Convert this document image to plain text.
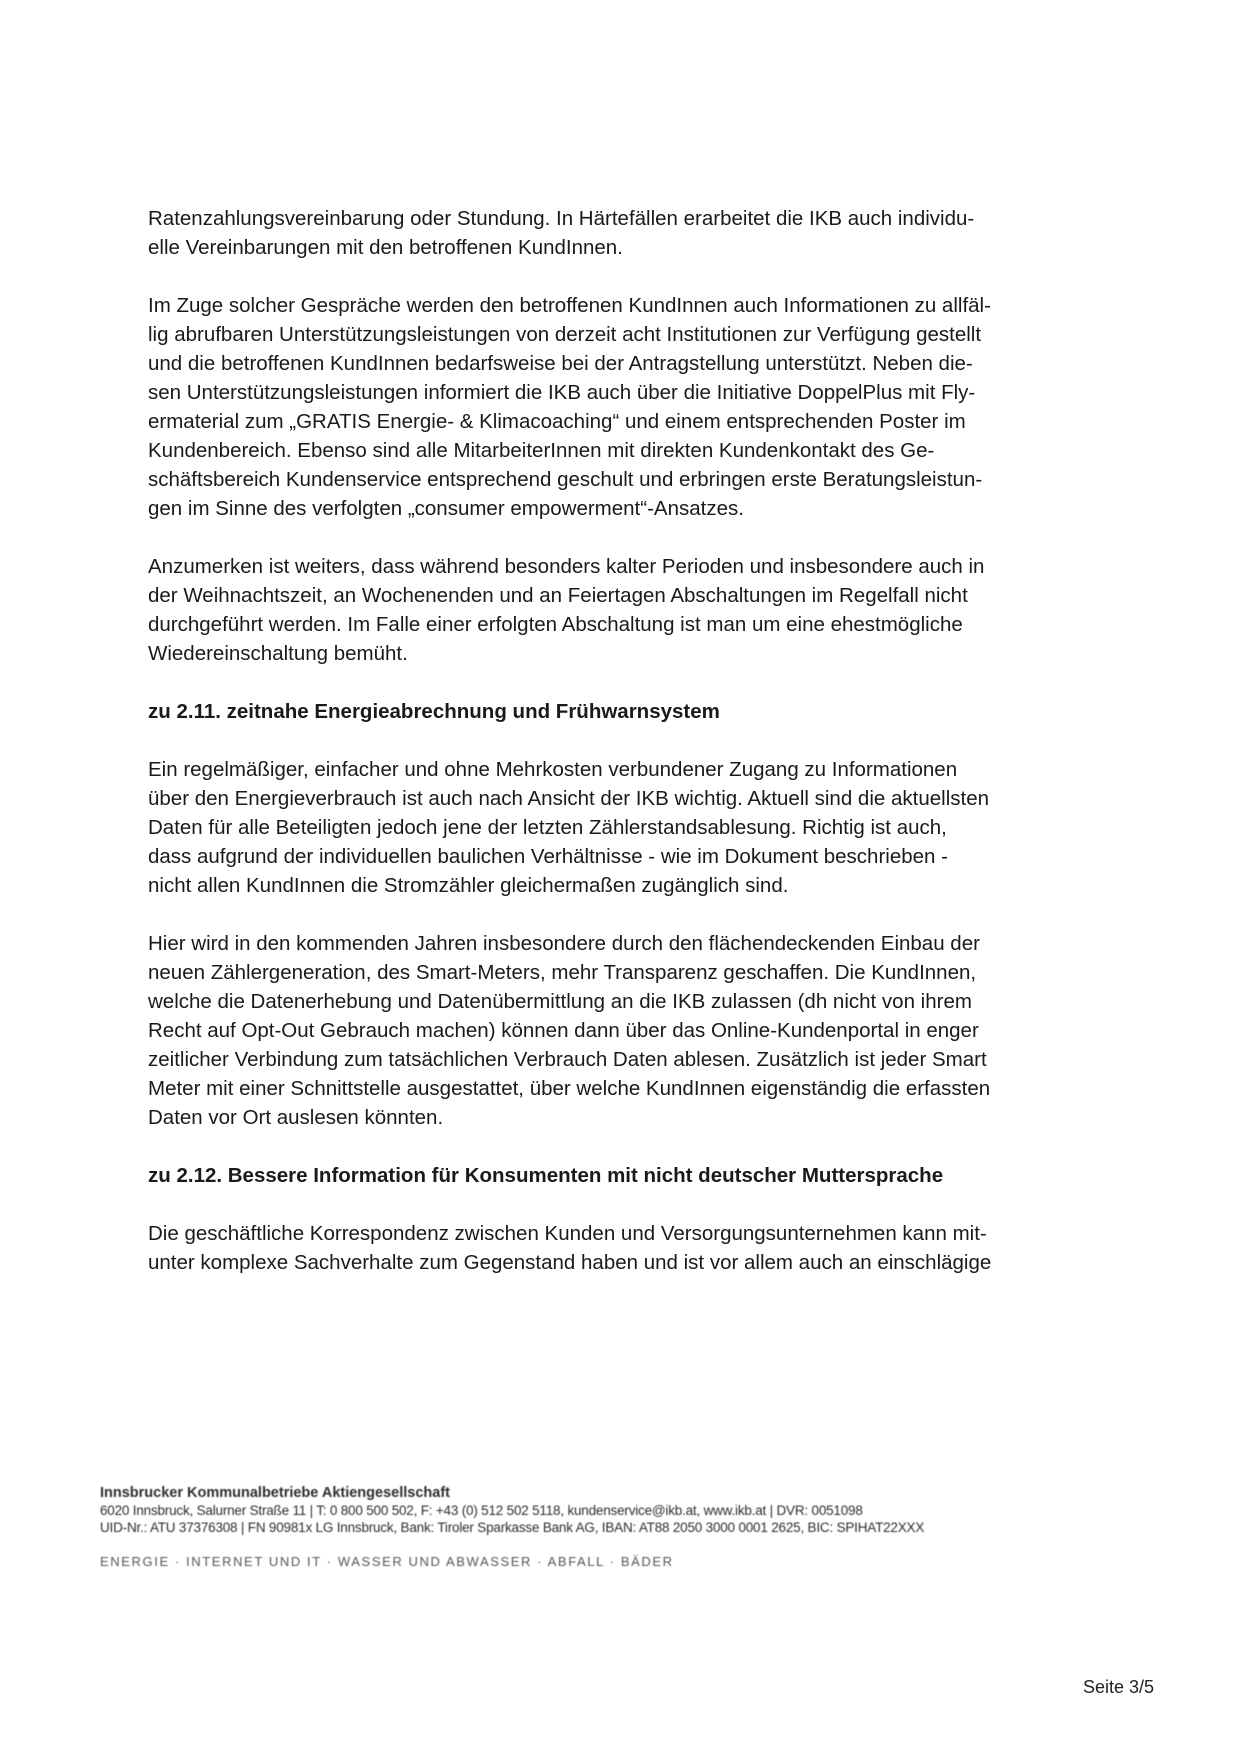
Ratenzahlungsvereinbarung oder Stundung. In Härtefällen erarbeitet die IKB auch individu-
elle Vereinbarungen mit den betroffenen KundInnen.

Im Zuge solcher Gespräche werden den betroffenen KundInnen auch Informationen zu allfäl-
lig abrufbaren Unterstützungsleistungen von derzeit acht Institutionen zur Verfügung gestellt
und die betroffenen KundInnen bedarfsweise bei der Antragstellung unterstützt. Neben die-
sen Unterstützungsleistungen informiert die IKB auch über die Initiative DoppelPlus mit Fly-
ermaterial zum „GRATIS Energie- & Klimacoaching“ und einem entsprechenden Poster im
Kundenbereich. Ebenso sind alle MitarbeiterInnen mit direkten Kundenkontakt des Ge-
schäftsbereich Kundenservice entsprechend geschult und erbringen erste Beratungsleistun-
gen im Sinne des verfolgten „consumer empowerment“-Ansatzes.

Anzumerken ist weiters, dass während besonders kalter Perioden und insbesondere auch in
der Weihnachtszeit, an Wochenenden und an Feiertagen Abschaltungen im Regelfall nicht
durchgeführt werden. Im Falle einer erfolgten Abschaltung ist man um eine ehestmögliche
Wiedereinschaltung bemüht.

zu 2.11. zeitnahe Energieabrechnung und Frühwarnsystem

Ein regelmäßiger, einfacher und ohne Mehrkosten verbundener Zugang zu Informationen
über den Energieverbrauch ist auch nach Ansicht der IKB wichtig. Aktuell sind die aktuellsten
Daten für alle Beteiligten jedoch jene der letzten Zählerstandsablesung. Richtig ist auch,
dass aufgrund der individuellen baulichen Verhältnisse - wie im Dokument beschrieben -
nicht allen KundInnen die Stromzähler gleichermaßen zugänglich sind.

Hier wird in den kommenden Jahren insbesondere durch den flächendeckenden Einbau der
neuen Zählergeneration, des Smart-Meters, mehr Transparenz geschaffen. Die KundInnen,
welche die Datenerhebung und Datenübermittlung an die IKB zulassen (dh nicht von ihrem
Recht auf Opt-Out Gebrauch machen) können dann über das Online-Kundenportal in enger
zeitlicher Verbindung zum tatsächlichen Verbrauch Daten ablesen. Zusätzlich ist jeder Smart
Meter mit einer Schnittstelle ausgestattet, über welche KundInnen eigenständig die erfassten
Daten vor Ort auslesen könnten.

zu 2.12. Bessere Information für Konsumenten mit nicht deutscher Muttersprache

Die geschäftliche Korrespondenz zwischen Kunden und Versorgungsunternehmen kann mit-
unter komplexe Sachverhalte zum Gegenstand haben und ist vor allem auch an einschlägige

Innsbrucker Kommunalbetriebe Aktiengesellschaft

6020 Innsbruck, Salurner Straße 11 | T: 0 800 500 502, F: +43 (0) 512 502 5118, kundenservice@ikb.at, www.ikb.at | DVR: 0051098

UID-Nr.: ATU 37376308 | FN 90981x LG Innsbruck, Bank: Tiroler Sparkasse Bank AG, IBAN: AT88 2050 3000 0001 2625, BIC: SPIHAT22XXX

ENERGIE · INTERNET UND IT · WASSER UND ABWASSER · ABFALL · BÄDER

Seite 3/5
